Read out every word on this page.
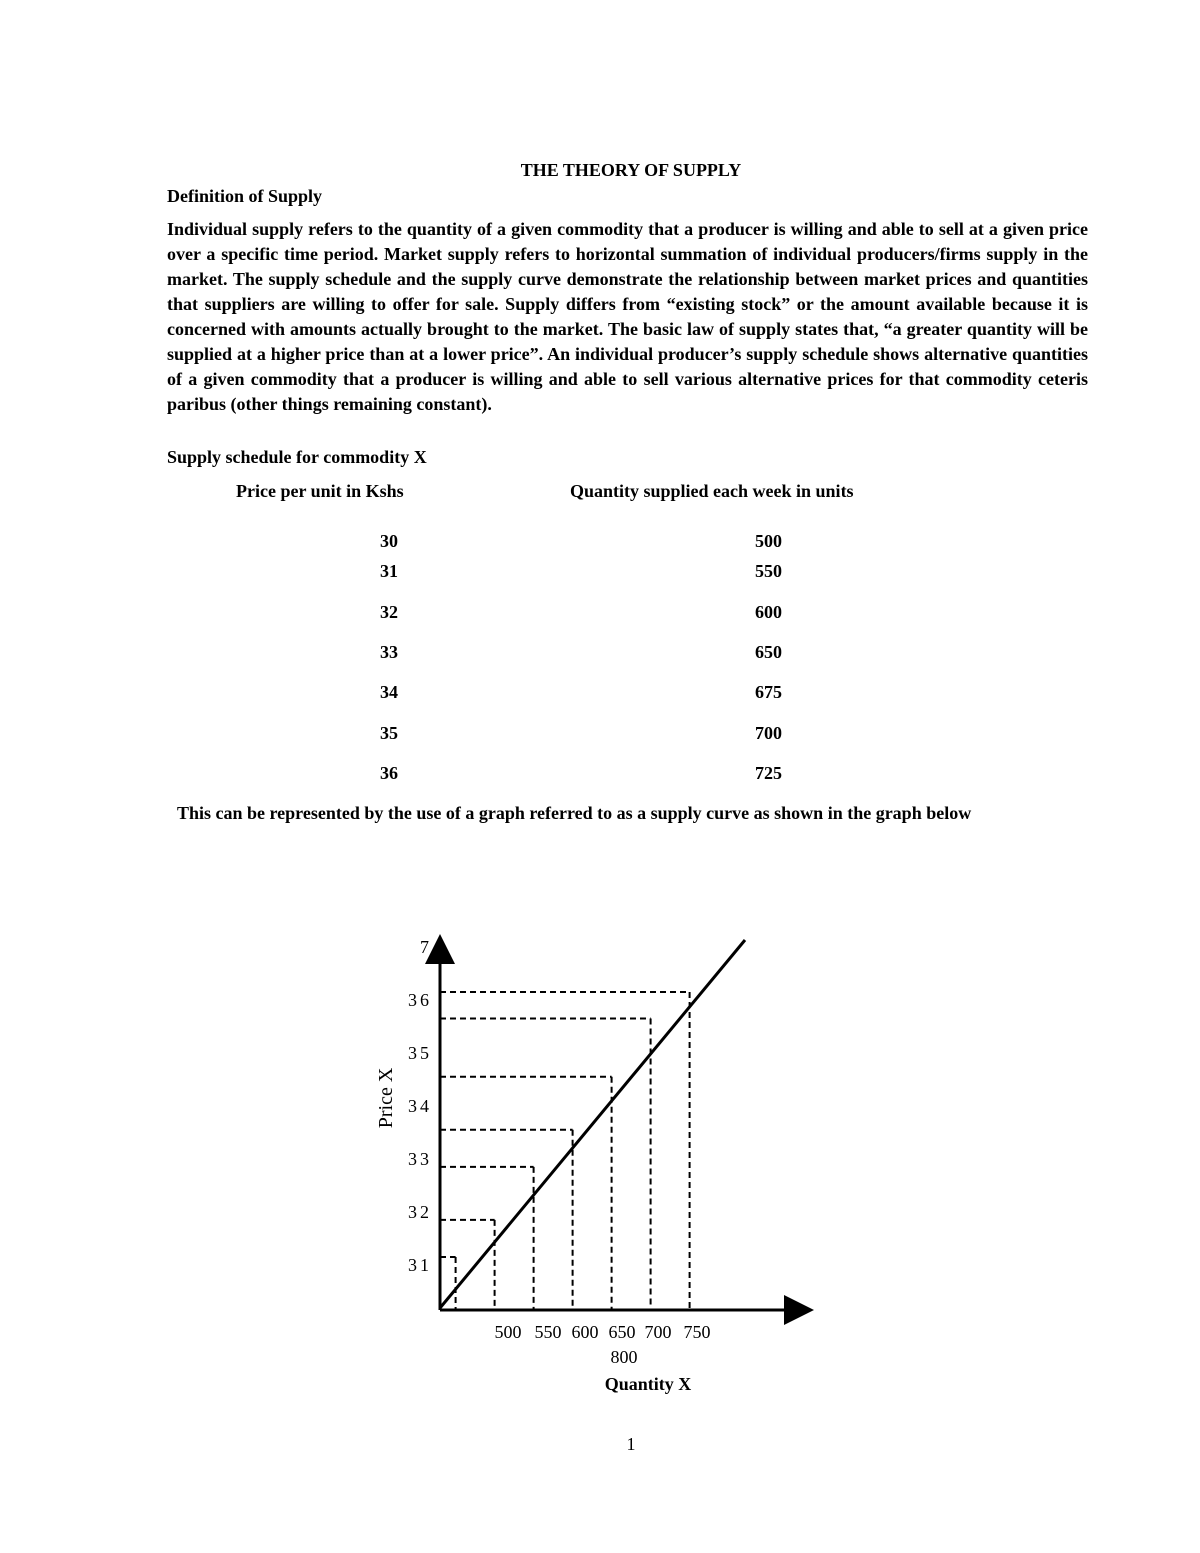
THE THEORY OF SUPPLY
Definition of Supply

Individual supply refers to the quantity of a given commodity that a producer is willing and able to sell at a given price over a specific time period. Market supply refers to horizontal summation of individual producers/firms supply in the market. The supply schedule and the supply curve demonstrate the relationship between market prices and quantities that suppliers are willing to offer for sale. Supply differs from “existing stock” or the amount available because it is concerned with amounts actually brought to the market. The basic law of supply states that, “a greater quantity will be supplied at a higher price than at a lower price”. An individual producer’s supply schedule shows alternative quantities of a given commodity that a producer is willing and able to sell various alternative prices for that commodity ceteris paribus (other things remaining constant).

Supply schedule for commodity X
Price per unit in Kshs	Quantity supplied each week in units
30	500
31	550
32	600
33	650
34	675
35	700
36	725

This can be represented by the use of a graph referred to as a supply curve as shown in the graph below

31
32
33
34
35
36
7
500 550 600 650 700 750
800
Price X
Quantity X
1
